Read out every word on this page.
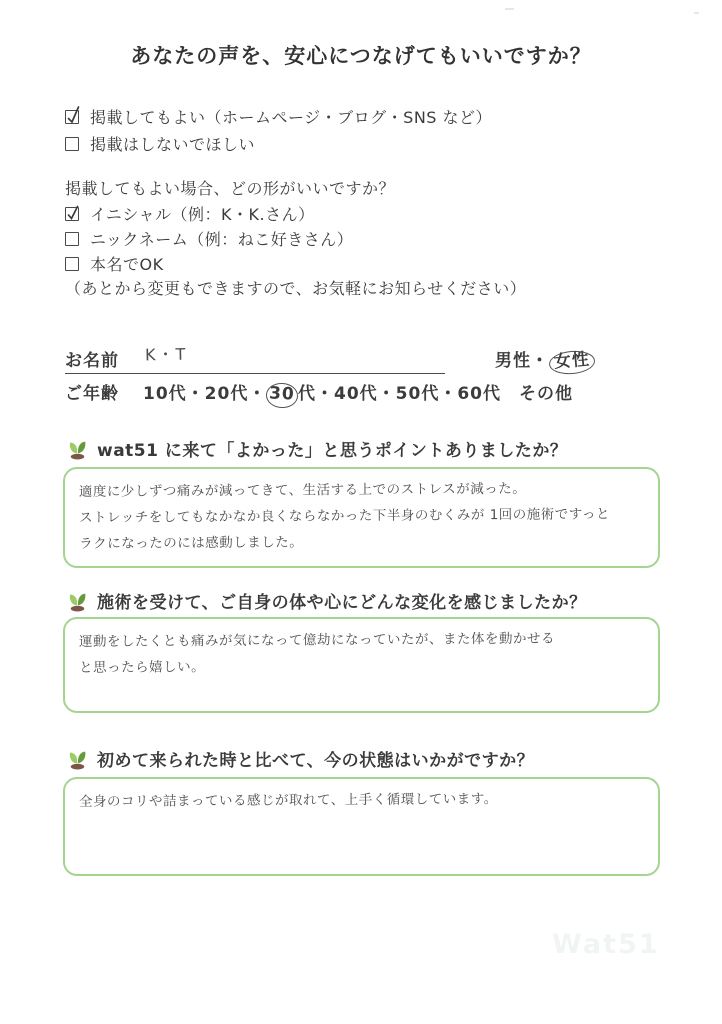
あなたの声を、安心につなげてもいいですか？
掲載してもよい（ホームページ・ブログ・SNS など）
掲載はしないでほしい
掲載してもよい場合、どの形がいいですか？
イニシャル（例：K・K.さん）
ニックネーム（例：ねこ好きさん）
本名でOK
（あとから変更もできますので、お気軽にお知らせください）
お名前 K・T	男性・ 女性
ご年齢 10代・20代・ 30 代・40代・50代・60代 その他
wat51 に来て「よかった」と思うポイントありましたか？
適度に少しずつ痛みが減ってきて、生活する上でのストレスが減った。
ストレッチをしてもなかなか良くならなかった下半身のむくみが 1回の施術ですっと
ラクになったのには感動しました。
施術を受けて、ご自身の体や心にどんな変化を感じましたか？
運動をしたくとも痛みが気になって億劫になっていたが、また体を動かせる
と思ったら嬉しい。
初めて来られた時と比べて、今の状態はいかがですか？
全身のコリや詰まっている感じが取れて、上手く循環しています。
Wat51
